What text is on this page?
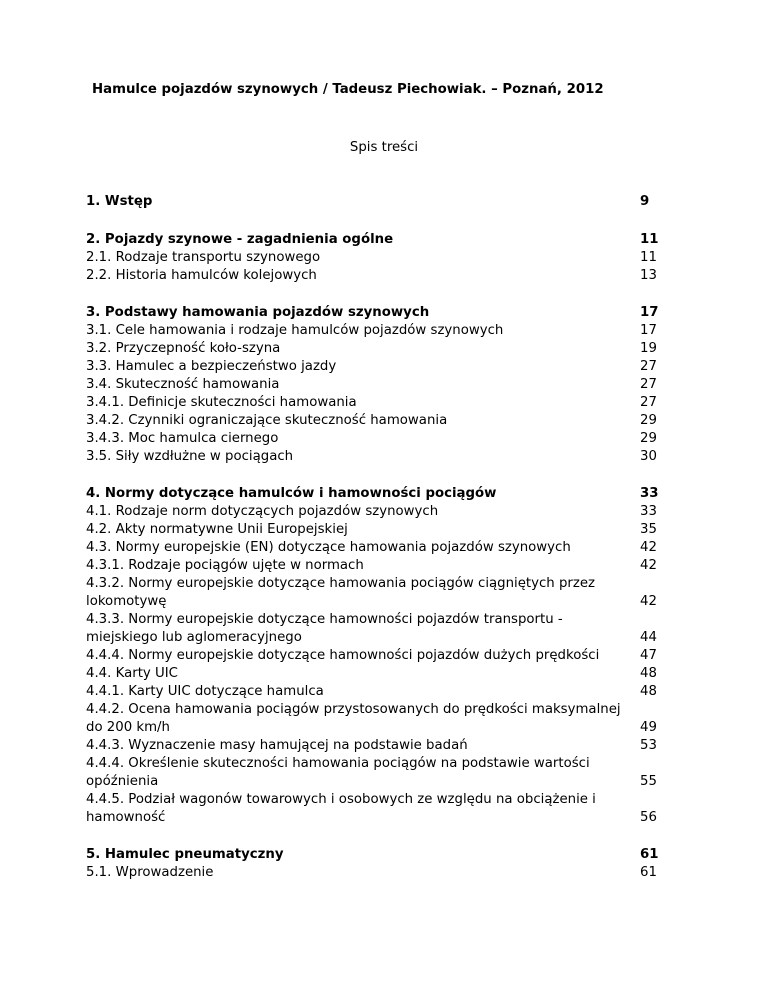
Hamulce pojazdów szynowych / Tadeusz Piechowiak. – Poznań, 2012
Spis treści
1. Wstęp	9
2. Pojazdy szynowe - zagadnienia ogólne	11
2.1. Rodzaje transportu szynowego	11
2.2. Historia hamulców kolejowych	13
3. Podstawy hamowania pojazdów szynowych	17
3.1. Cele hamowania i rodzaje hamulców pojazdów szynowych	17
3.2. Przyczepność koło-szyna	19
3.3. Hamulec a bezpieczeństwo jazdy	27
3.4. Skuteczność hamowania	27
3.4.1. Definicje skuteczności hamowania	27
3.4.2. Czynniki ograniczające skuteczność hamowania	29
3.4.3. Moc hamulca ciernego	29
3.5. Siły wzdłużne w pociągach	30
4. Normy dotyczące hamulców i hamowności pociągów	33
4.1. Rodzaje norm dotyczących pojazdów szynowych	33
4.2. Akty normatywne Unii Europejskiej	35
4.3. Normy europejskie (EN) dotyczące hamowania pojazdów szynowych	42
4.3.1. Rodzaje pociągów ujęte w normach	42
4.3.2. Normy europejskie dotyczące hamowania pociągów ciągniętych przez lokomotywę	42
4.3.3. Normy europejskie dotyczące hamowności pojazdów transportu - miejskiego lub aglomeracyjnego	44
4.4.4. Normy europejskie dotyczące hamowności pojazdów dużych prędkości	47
4.4. Karty UIC	48
4.4.1. Karty UIC dotyczące hamulca	48
4.4.2. Ocena hamowania pociągów przystosowanych do prędkości maksymalnej do 200 km/h	49
4.4.3. Wyznaczenie masy hamującej na podstawie badań	53
4.4.4. Określenie skuteczności hamowania pociągów na podstawie wartości opóźnienia	55
4.4.5. Podział wagonów towarowych i osobowych ze względu na obciążenie i hamowność	56
5. Hamulec pneumatyczny	61
5.1. Wprowadzenie	61
